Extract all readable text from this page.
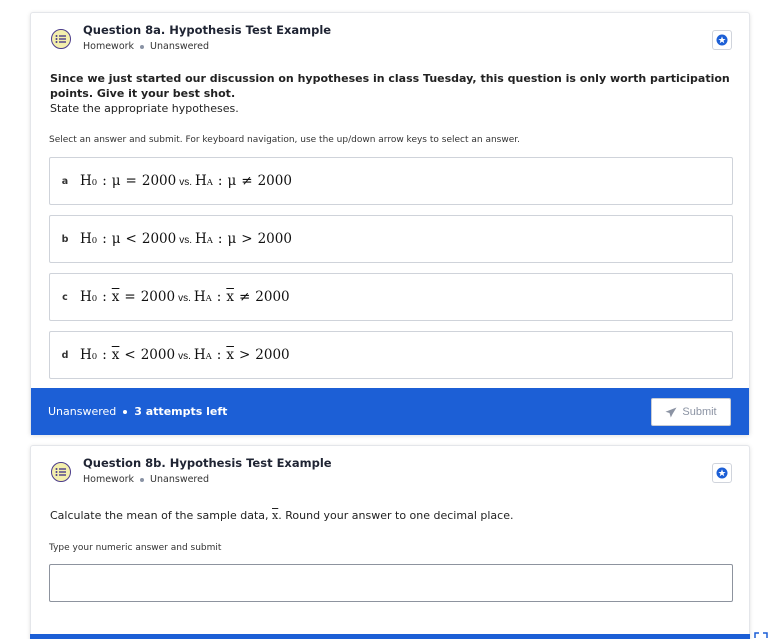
Question 8a. Hypothesis Test Example
Homework Unanswered
Since we just started our discussion on hypotheses in class Tuesday, this question is only worth participation points. Give it your best shot.
State the appropriate hypotheses.
Select an answer and submit. For keyboard navigation, use the up/down arrow keys to select an answer.
a H 0 : μ = 2000 vs. H A : μ ≠ 2000
b H 0 : μ < 2000 vs. H A : μ > 2000
c H 0 : $\overline{x} = 2000$ vs. H A : $\overline{x} \ne 2000$
d H 0 : $\overline{x} < 2000$ vs. H A : $\overline{x} > 2000$
Unanswered 3 attempts left	Submit
Question 8b. Hypothesis Test Example
Homework Unanswered
Calculate the mean of the sample data, $\overline{x}$. Round your answer to one decimal place.
Type your numeric answer and submit
